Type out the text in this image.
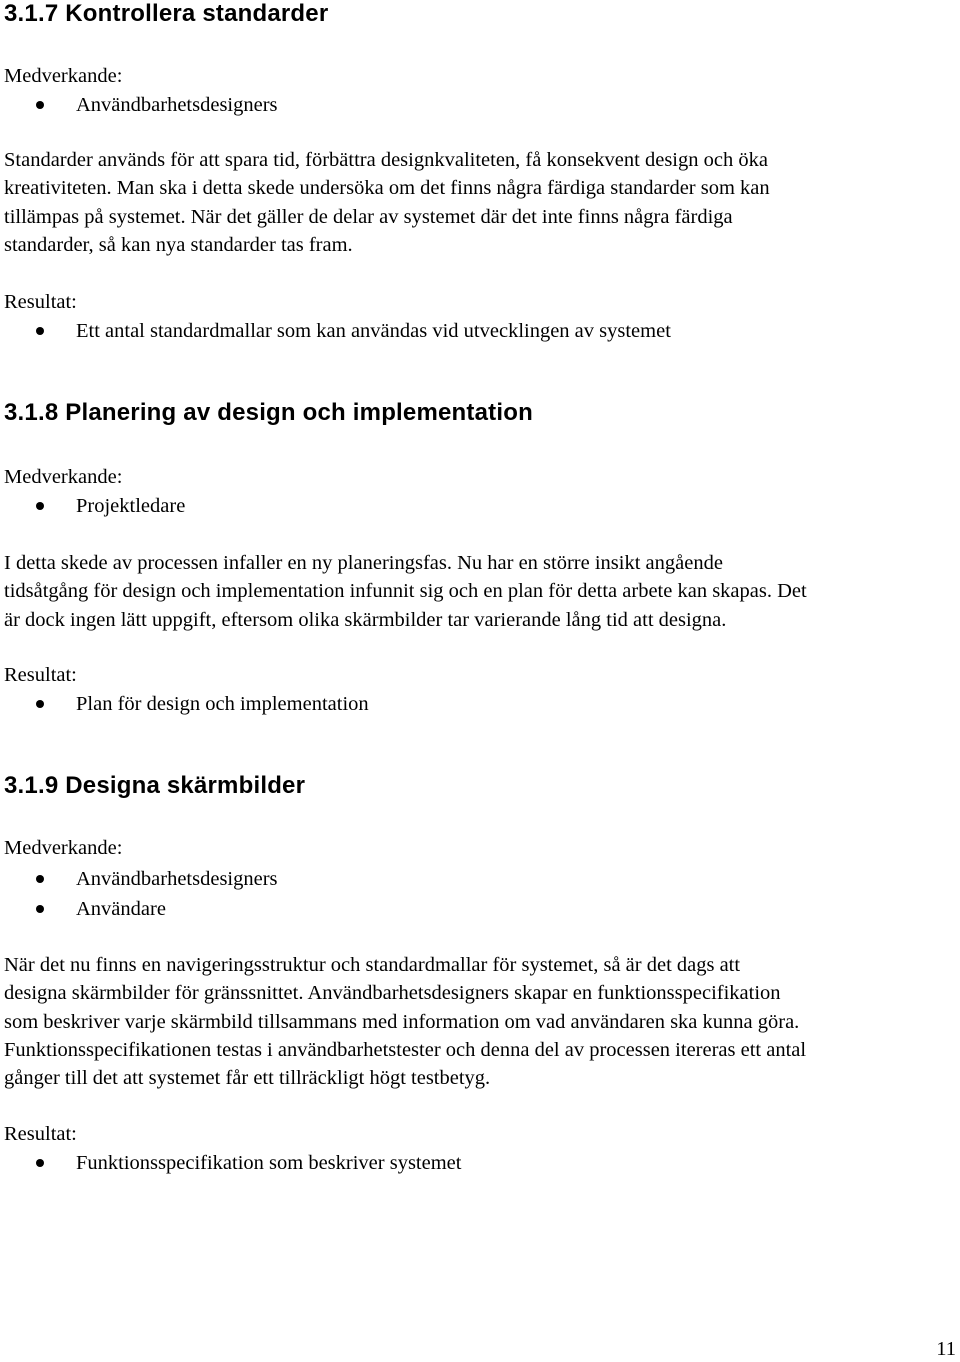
3.1.7 Kontrollera standarder
Medverkande:
Användbarhetsdesigners
Standarder används för att spara tid, förbättra designkvaliteten, få konsekvent design och öka
kreativiteten. Man ska i detta skede undersöka om det finns några färdiga standarder som kan
tillämpas på systemet. När det gäller de delar av systemet där det inte finns några färdiga
standarder, så kan nya standarder tas fram.
Resultat:
Ett antal standardmallar som kan användas vid utvecklingen av systemet
3.1.8 Planering av design och implementation
Medverkande:
Projektledare
I detta skede av processen infaller en ny planeringsfas. Nu har en större insikt angående
tidsåtgång för design och implementation infunnit sig och en plan för detta arbete kan skapas. Det
är dock ingen lätt uppgift, eftersom olika skärmbilder tar varierande lång tid att designa.
Resultat:
Plan för design och implementation
3.1.9 Designa skärmbilder
Medverkande:
Användbarhetsdesigners
Användare
När det nu finns en navigeringsstruktur och standardmallar för systemet, så är det dags att
designa skärmbilder för gränssnittet. Användbarhetsdesigners skapar en funktionsspecifikation
som beskriver varje skärmbild tillsammans med information om vad användaren ska kunna göra.
Funktionsspecifikationen testas i användbarhetstester och denna del av processen itereras ett antal
gånger till det att systemet får ett tillräckligt högt testbetyg.
Resultat:
Funktionsspecifikation som beskriver systemet
11
